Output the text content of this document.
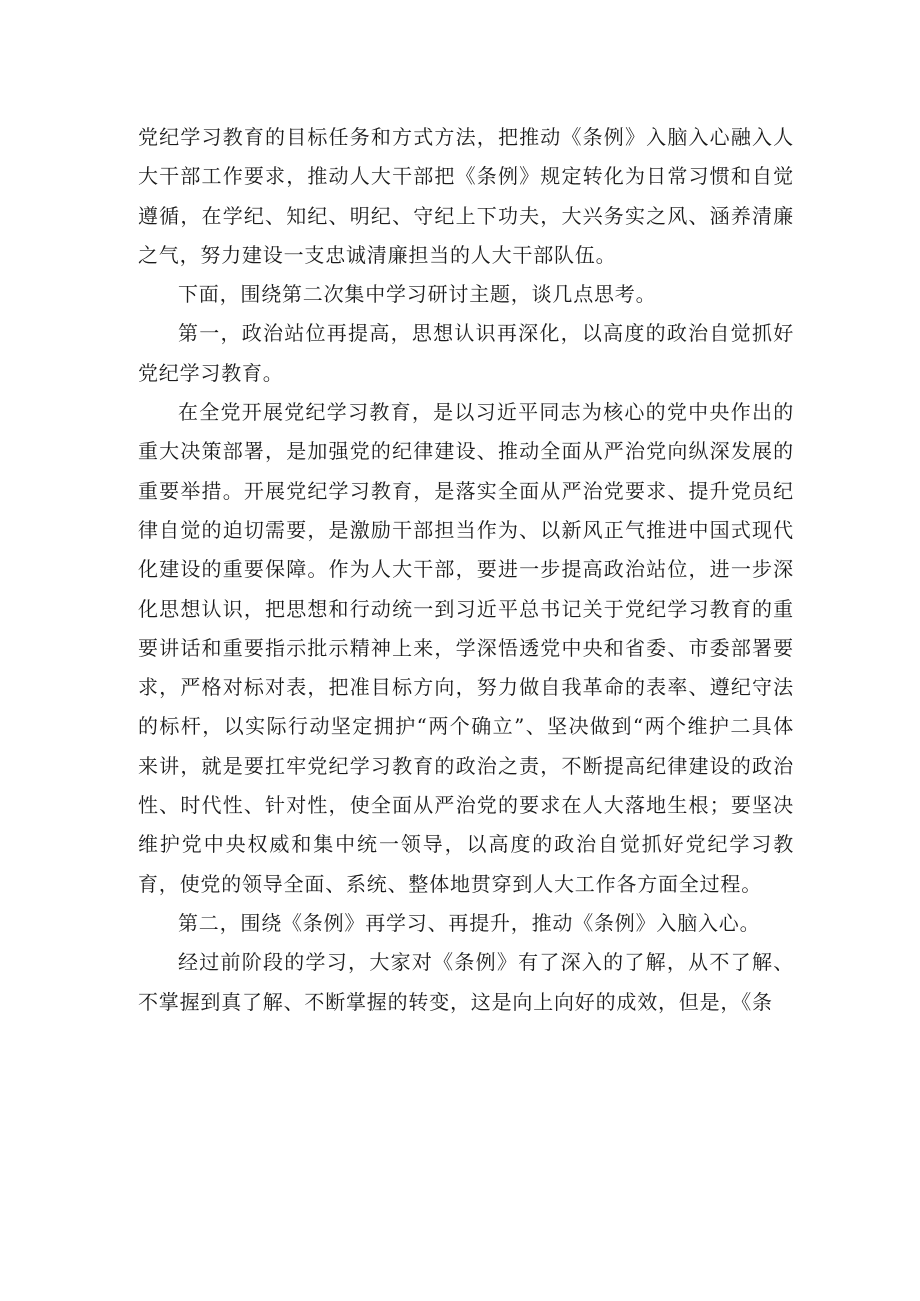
党纪学习教育的目标任务和方式方法，把推动《条例》入脑入心融入人大干部工作要求，推动人大干部把《条例》规定转化为日常习惯和自觉遵循，在学纪、知纪、明纪、守纪上下功夫，大兴务实之风、涵养清廉之气，努力建设一支忠诚清廉担当的人大干部队伍。

下面，围绕第二次集中学习研讨主题，谈几点思考。

第一，政治站位再提高，思想认识再深化，以高度的政治自觉抓好党纪学习教育。

在全党开展党纪学习教育，是以习近平同志为核心的党中央作出的重大决策部署，是加强党的纪律建设、推动全面从严治党向纵深发展的重要举措。开展党纪学习教育，是落实全面从严治党要求、提升党员纪律自觉的迫切需要，是激励干部担当作为、以新风正气推进中国式现代化建设的重要保障。作为人大干部，要进一步提高政治站位，进一步深化思想认识，把思想和行动统一到习近平总书记关于党纪学习教育的重要讲话和重要指示批示精神上来，学深悟透党中央和省委、市委部署要求，严格对标对表，把准目标方向，努力做自我革命的表率、遵纪守法的标杆，以实际行动坚定拥护“两个确立”、坚决做到“两个维护二具体来讲，就是要扛牢党纪学习教育的政治之责，不断提高纪律建设的政治性、时代性、针对性，使全面从严治党的要求在人大落地生根；要坚决维护党中央权威和集中统一领导，以高度的政治自觉抓好党纪学习教育，使党的领导全面、系统、整体地贯穿到人大工作各方面全过程。

第二，围绕《条例》再学习、再提升，推动《条例》入脑入心。

经过前阶段的学习，大家对《条例》有了深入的了解，从不了解、不掌握到真了解、不断掌握的转变，这是向上向好的成效，但是，《条
